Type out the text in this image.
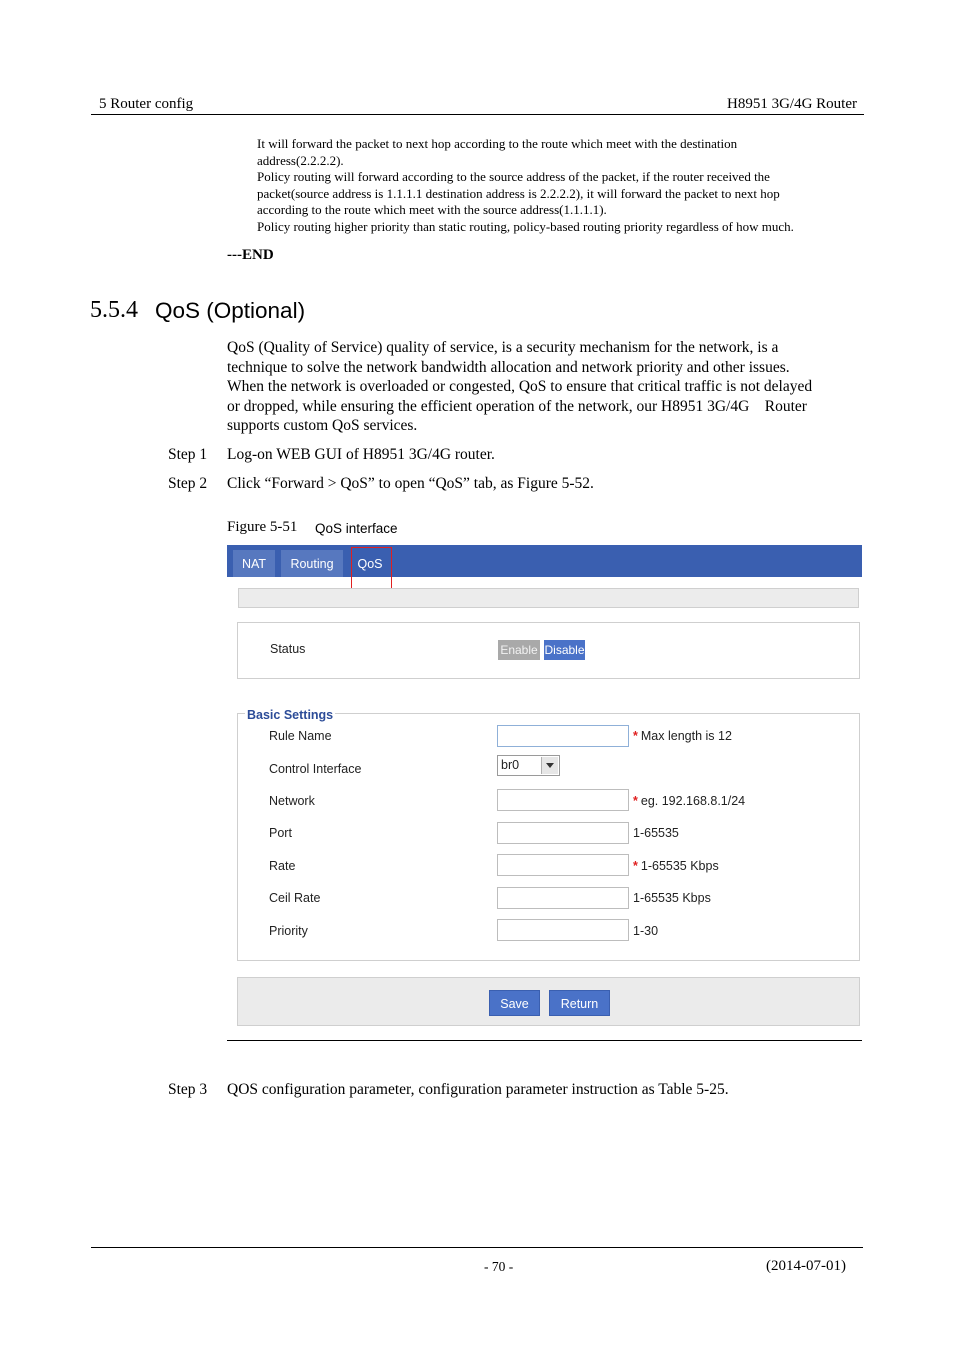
5 Router config	H8951 3G/4G Router
It will forward the packet to next hop according to the route which meet with the destination
address(2.2.2.2).
Policy routing will forward according to the source address of the packet, if the router received the
packet(source address is 1.1.1.1 destination address is 2.2.2.2), it will forward the packet to next hop
according to the route which meet with the source address(1.1.1.1).
Policy routing higher priority than static routing, policy-based routing priority regardless of how much.
---END
5.5.4 QoS (Optional)
QoS (Quality of Service) quality of service, is a security mechanism for the network, is a
technique to solve the network bandwidth allocation and network priority and other issues.
When the network is overloaded or congested, QoS to ensure that critical traffic is not delayed
or dropped, while ensuring the efficient operation of the network, our H8951 3G/4G    Router
supports custom QoS services.
Step 1 Log-on WEB GUI of H8951 3G/4G router.
Step 2 Click “Forward > QoS” to open “QoS” tab, as Figure 5-52.
Figure 5-51 QoS interface
NAT	Routing	QoS
Status	Enable Disable
Basic Settings
Rule Name	* Max length is 12
Control Interface	br0
Network	* eg. 192.168.8.1/24
Port	1-65535
Rate	* 1-65535 Kbps
Ceil Rate	1-65535 Kbps
Priority	1-30
Save	Return
Step 3 QOS configuration parameter, configuration parameter instruction as Table 5-25.
- 70 -	(2014-07-01)
